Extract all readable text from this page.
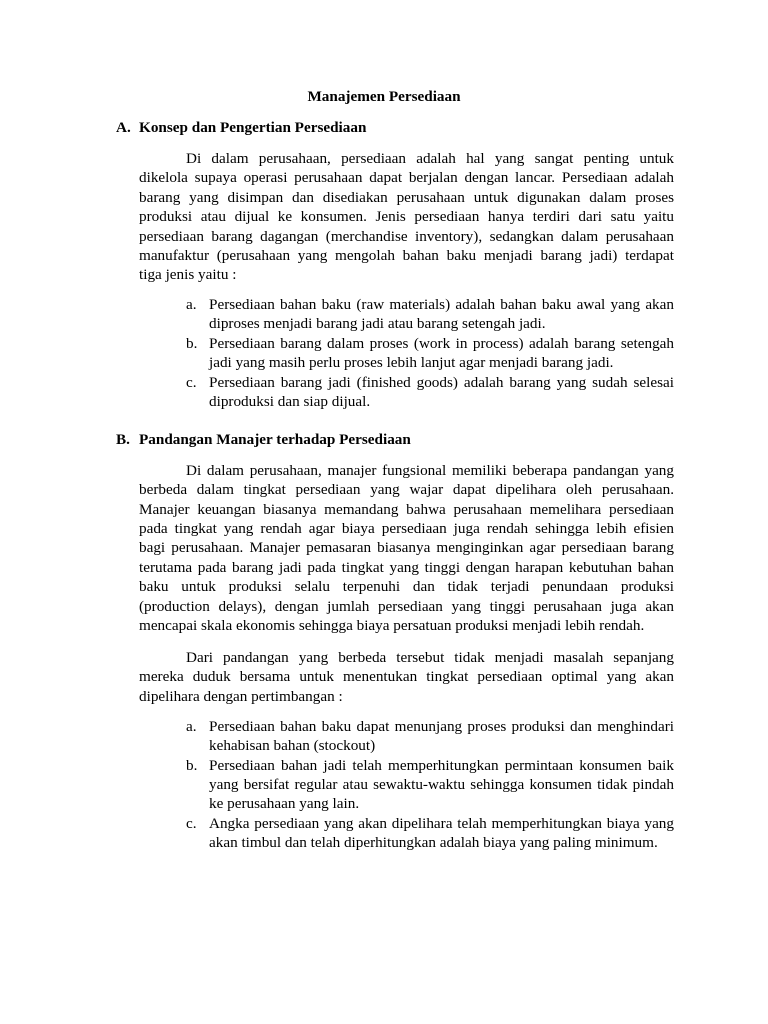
Manajemen Persediaan
A. Konsep dan Pengertian Persediaan
Di dalam perusahaan, persediaan adalah hal yang sangat penting untuk
dikelola supaya operasi perusahaan dapat berjalan dengan lancar. Persediaan adalah
barang yang disimpan dan disediakan perusahaan untuk digunakan dalam proses
produksi atau dijual ke konsumen. Jenis persediaan hanya terdiri dari satu yaitu
persediaan barang dagangan (merchandise inventory), sedangkan dalam perusahaan
manufaktur (perusahaan yang mengolah bahan baku menjadi barang jadi) terdapat
tiga jenis yaitu :
a. Persediaan bahan baku (raw materials) adalah bahan baku awal yang akan
diproses menjadi barang jadi atau barang setengah jadi.
b. Persediaan barang dalam proses (work in process) adalah barang setengah
jadi yang masih perlu proses lebih lanjut agar menjadi barang jadi.
c. Persediaan barang jadi (finished goods) adalah barang yang sudah selesai
diproduksi dan siap dijual.
B. Pandangan Manajer terhadap Persediaan
Di dalam perusahaan, manajer fungsional memiliki beberapa pandangan yang
berbeda dalam tingkat persediaan yang wajar dapat dipelihara oleh perusahaan.
Manajer keuangan biasanya memandang bahwa perusahaan memelihara persediaan
pada tingkat yang rendah agar biaya persediaan juga rendah sehingga lebih efisien
bagi perusahaan. Manajer pemasaran biasanya menginginkan agar persediaan barang
terutama pada barang jadi pada tingkat yang tinggi dengan harapan kebutuhan bahan
baku untuk produksi selalu terpenuhi dan tidak terjadi penundaan produksi
(production delays), dengan jumlah persediaan yang tinggi perusahaan juga akan
mencapai skala ekonomis sehingga biaya persatuan produksi menjadi lebih rendah.
Dari pandangan yang berbeda tersebut tidak menjadi masalah sepanjang
mereka duduk bersama untuk menentukan tingkat persediaan optimal yang akan
dipelihara dengan pertimbangan :
a. Persediaan bahan baku dapat menunjang proses produksi dan menghindari
kehabisan bahan (stockout)
b. Persediaan bahan jadi telah memperhitungkan permintaan konsumen baik
yang bersifat regular atau sewaktu-waktu sehingga konsumen tidak pindah
ke perusahaan yang lain.
c. Angka persediaan yang akan dipelihara telah memperhitungkan biaya yang
akan timbul dan telah diperhitungkan adalah biaya yang paling minimum.
